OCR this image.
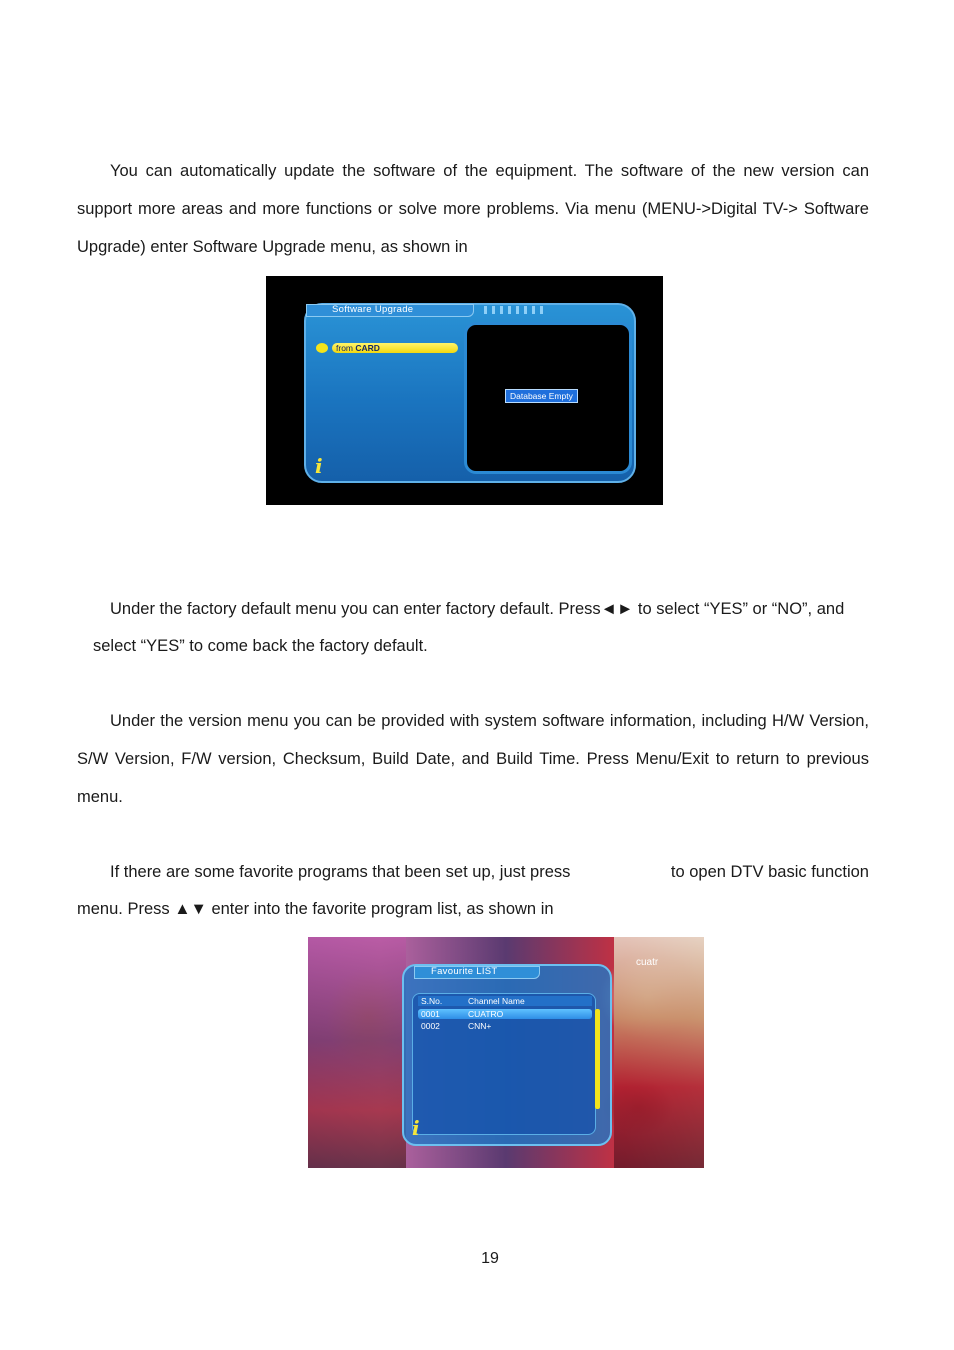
You can automatically update the software of the equipment. The software of the new version can support more areas and more functions or solve more problems. Via menu (MENU->Digital TV-> Software Upgrade) enter Software Upgrade menu, as shown in
Software Upgrade
from CARD
Database Empty
i
Under the factory default menu you can enter factory default. Press◄► to select “YES” or “NO”, and
select “YES” to come back the factory default.
Under the version menu you can be provided with system software information, including H/W Version, S/W Version, F/W version, Checksum, Build Date, and Build Time. Press Menu/Exit to return to previous menu.
If there are some favorite programs that been set up, just press	to open DTV basic function
menu. Press ▲▼ enter into the favorite program list, as shown in
cuatr
Favourite LIST
S.No.	Channel Name
0001	CUATRO
0002	CNN+
i
19
